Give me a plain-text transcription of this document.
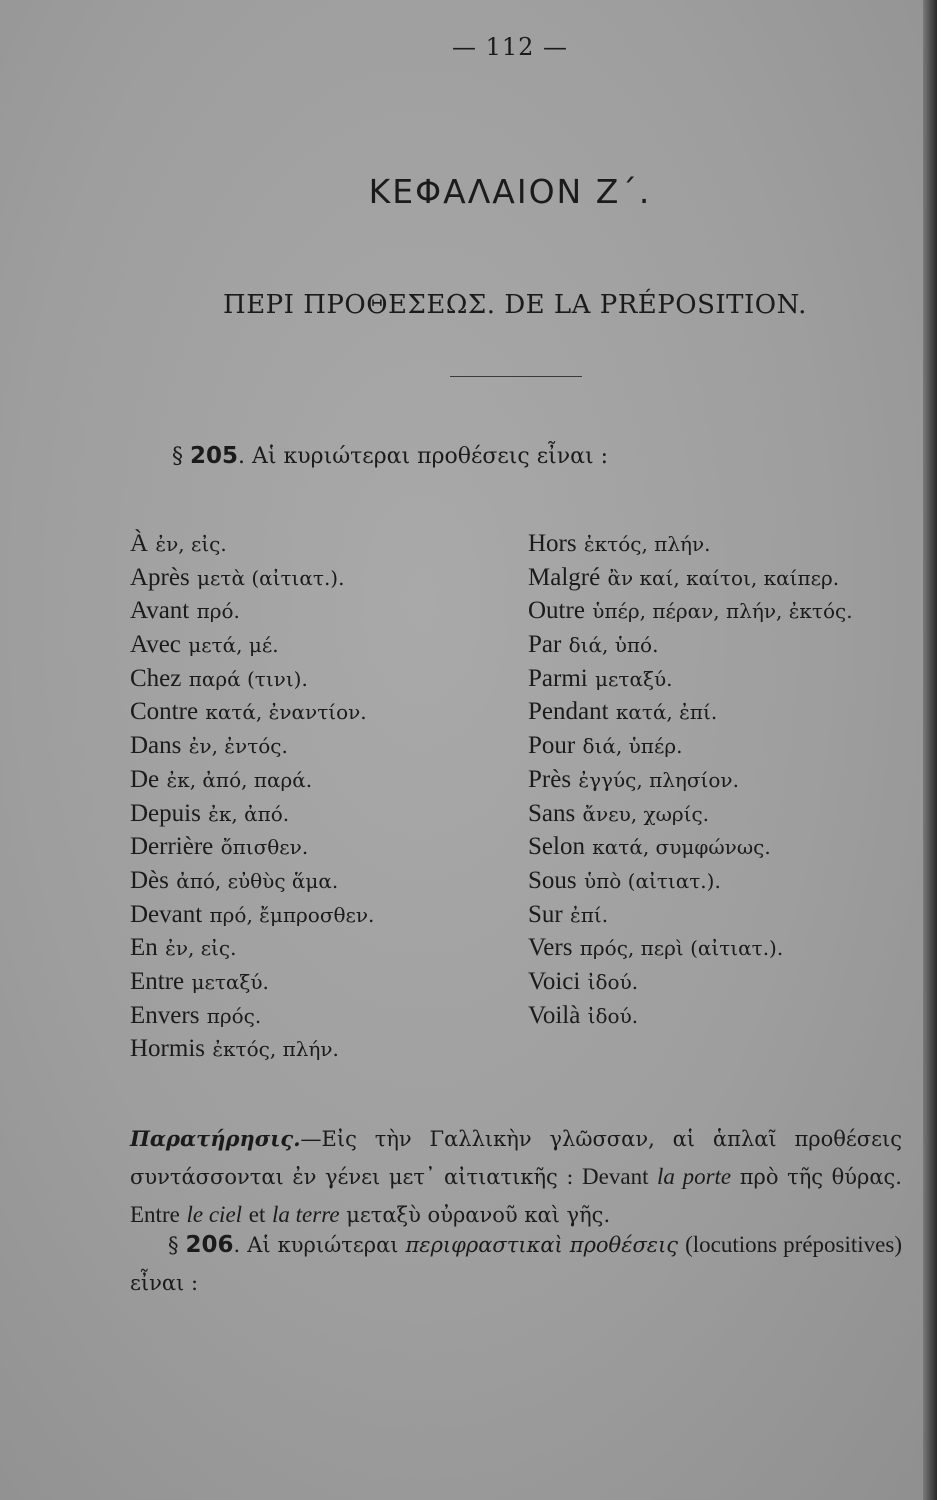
— 112 —
ΚΕΦΑΛΑΙΟΝ Ζ΄.
ΠΕΡΙ ΠΡΟΘΕΣΕΩΣ. DE LA PRÉPOSITION.
§ 205. Αἱ κυριώτεραι προθέσεις εἶναι :
À ἐν, εἰς.
Après μετὰ (αἰτιατ.).
Avant πρό.
Avec μετά, μέ.
Chez παρά (τινι).
Contre κατά, ἐναντίον.
Dans ἐν, ἐντός.
De ἐκ, ἀπό, παρά.
Depuis ἐκ, ἀπό.
Derrière ὄπισθεν.
Dès ἀπό, εὐθὺς ἅμα.
Devant πρό, ἔμπροσθεν.
En ἐν, εἰς.
Entre μεταξύ.
Envers πρός.
Hormis ἐκτός, πλήν.
Hors ἐκτός, πλήν.
Malgré ἂν καί, καίτοι, καίπερ.
Outre ὑπέρ, πέραν, πλήν, ἐκτός.
Par διά, ὑπό.
Parmi μεταξύ.
Pendant κατά, ἐπί.
Pour διά, ὑπέρ.
Près ἐγγύς, πλησίον.
Sans ἄνευ, χωρίς.
Selon κατά, συμφώνως.
Sous ὑπὸ (αἰτιατ.).
Sur ἐπί.
Vers πρός, περὶ (αἰτιατ.).
Voici ἰδού.
Voilà ἰδού.
Παρατήρησις.—Εἰς τὴν Γαλλικὴν γλῶσσαν, αἱ ἁπλαῖ προθέσεις συντάσσονται ἐν γένει μετ᾽ αἰτιατικῆς : Devant la porte πρὸ τῆς θύρας. Entre le ciel et la terre μεταξὺ οὐρανοῦ καὶ γῆς.
§ 206. Αἱ κυριώτεραι περιφραστικαὶ προθέσεις (locutions prépositives) εἶναι :
